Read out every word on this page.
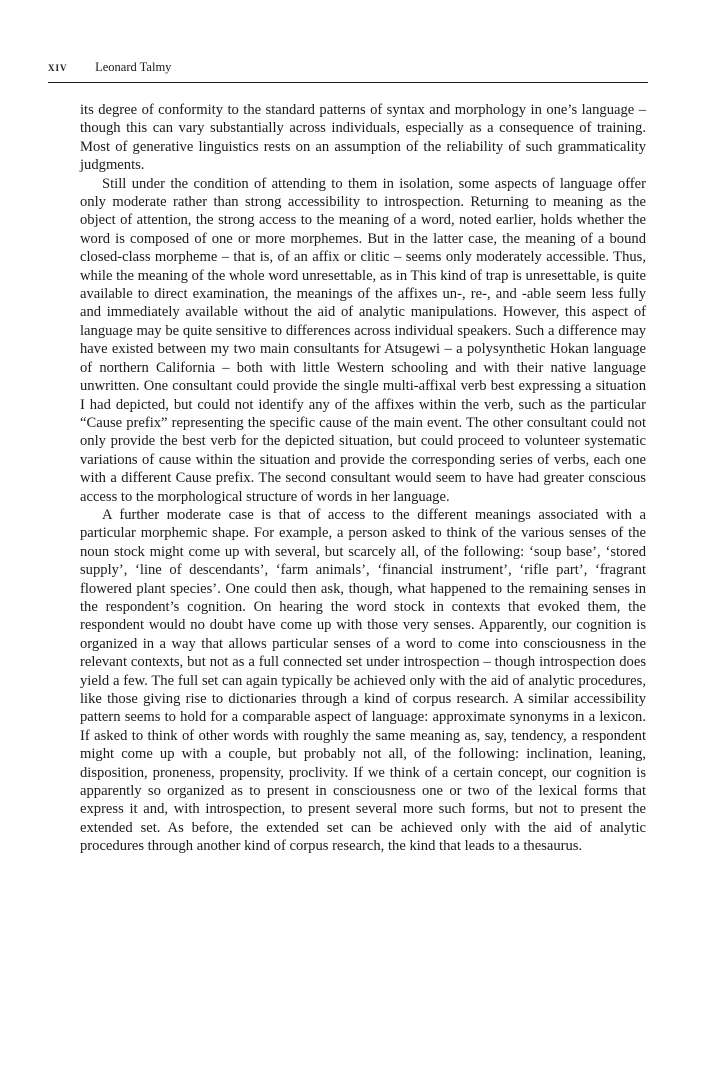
xiv Leonard Talmy

its degree of conformity to the standard patterns of syntax and morphology in one’s language – though this can vary substantially across individuals, especially as a consequence of training. Most of generative linguistics rests on an assumption of the reliability of such grammaticality judgments.

Still under the condition of attending to them in isolation, some aspects of language offer only moderate rather than strong accessibility to introspection. Returning to meaning as the object of attention, the strong access to the meaning of a word, noted earlier, holds whether the word is composed of one or more morphemes. But in the latter case, the meaning of a bound closed-class morpheme – that is, of an affix or clitic – seems only moderately accessible. Thus, while the meaning of the whole word unresettable, as in This kind of trap is unresettable, is quite available to direct examination, the meanings of the affixes un-, re-, and -able seem less fully and immediately available without the aid of analytic manipulations. However, this aspect of language may be quite sensitive to differences across individual speakers. Such a difference may have existed between my two main consultants for Atsugewi – a polysynthetic Hokan language of northern California – both with little Western schooling and with their native language unwritten. One consultant could provide the single multi-affixal verb best expressing a situation I had depicted, but could not identify any of the affixes within the verb, such as the particular “Cause prefix” representing the specific cause of the main event. The other consultant could not only provide the best verb for the depicted situation, but could proceed to volunteer systematic variations of cause within the situation and provide the corresponding series of verbs, each one with a different Cause prefix. The second consultant would seem to have had greater conscious access to the morphological structure of words in her language.

A further moderate case is that of access to the different meanings associated with a particular morphemic shape. For example, a person asked to think of the various senses of the noun stock might come up with several, but scarcely all, of the following: ‘soup base’, ‘stored supply’, ‘line of descendants’, ‘farm animals’, ‘financial instrument’, ‘rifle part’, ‘fragrant flowered plant species’. One could then ask, though, what happened to the remaining senses in the respondent’s cognition. On hearing the word stock in contexts that evoked them, the respondent would no doubt have come up with those very senses. Apparently, our cognition is organized in a way that allows particular senses of a word to come into consciousness in the relevant contexts, but not as a full connected set under introspection – though introspection does yield a few. The full set can again typically be achieved only with the aid of analytic procedures, like those giving rise to dictionaries through a kind of corpus research. A similar accessibility pattern seems to hold for a comparable aspect of language: approximate synonyms in a lexicon. If asked to think of other words with roughly the same meaning as, say, tendency, a respondent might come up with a couple, but probably not all, of the following: inclination, leaning, disposition, proneness, propensity, proclivity. If we think of a certain concept, our cognition is apparently so organized as to present in consciousness one or two of the lexical forms that express it and, with introspection, to present several more such forms, but not to present the extended set. As before, the extended set can be achieved only with the aid of analytic procedures through another kind of corpus research, the kind that leads to a thesaurus.
